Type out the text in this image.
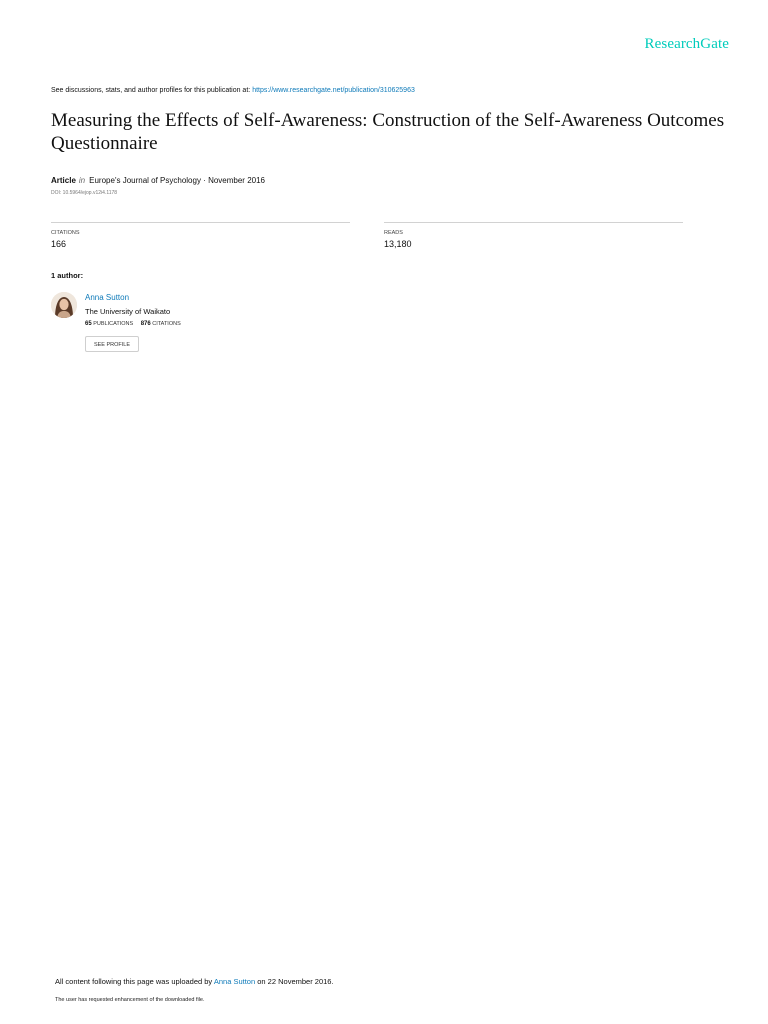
ResearchGate
See discussions, stats, and author profiles for this publication at: https://www.researchgate.net/publication/310625963
Measuring the Effects of Self-Awareness: Construction of the Self-Awareness Outcomes Questionnaire
Article in Europe's Journal of Psychology · November 2016
DOI: 10.5964/ejop.v12i4.1178
CITATIONS
166
READS
13,180
1 author:
Anna Sutton
The University of Waikato
65 PUBLICATIONS 876 CITATIONS
SEE PROFILE
All content following this page was uploaded by Anna Sutton on 22 November 2016.
The user has requested enhancement of the downloaded file.
